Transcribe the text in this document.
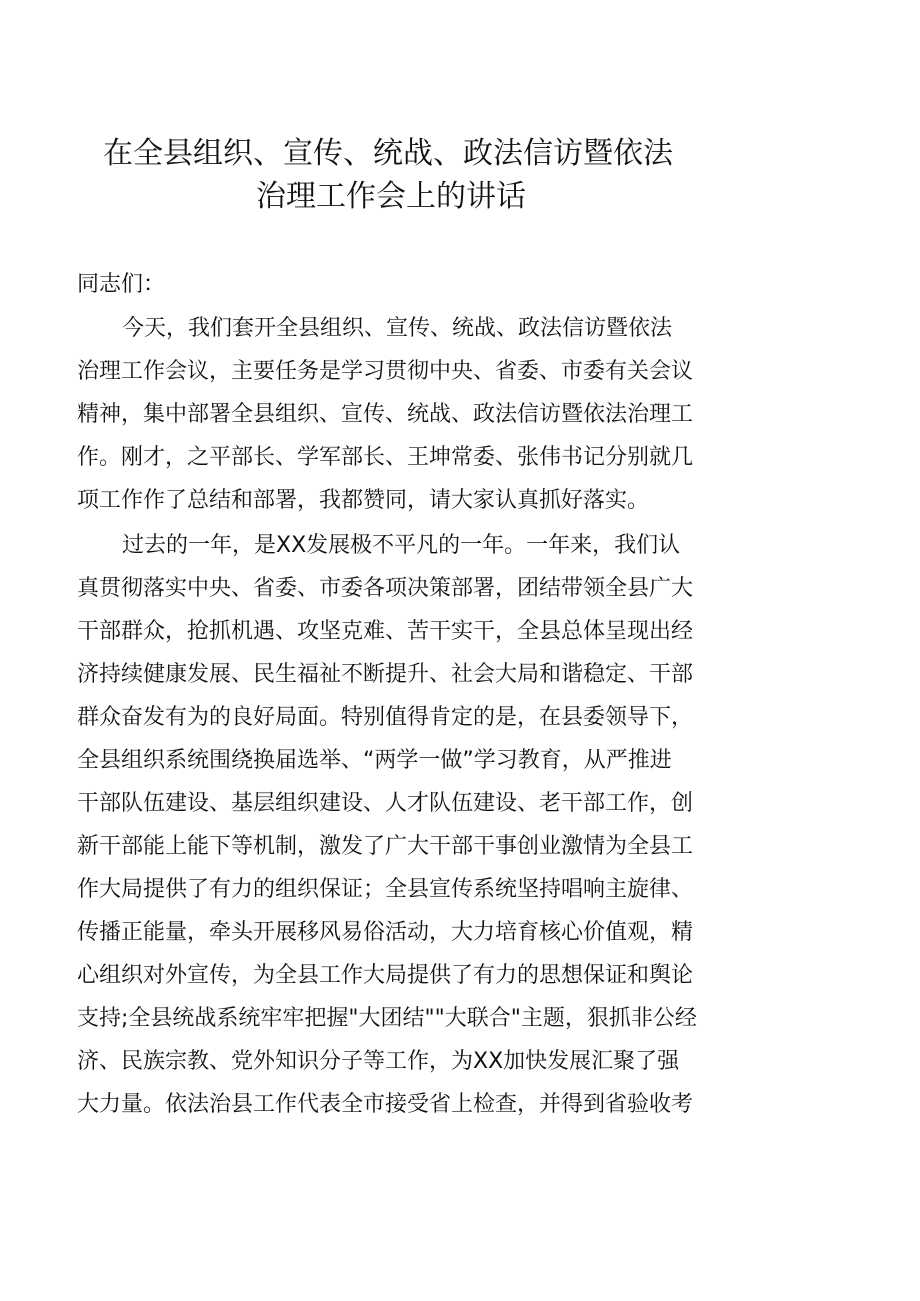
在全县组织、宣传、统战、政法信访暨依法
治理工作会上的讲话

同志们：

今天，我们套开全县组织、宣传、统战、政法信访暨依法

治理工作会议，主要任务是学习贯彻中央、省委、市委有关会议

精神，集中部署全县组织、宣传、统战、政法信访暨依法治理工

作。刚才，之平部长、学军部长、王坤常委、张伟书记分别就几

项工作作了总结和部署，我都赞同，请大家认真抓好落实。

过去的一年，是XX发展极不平凡的一年。一年来，我们认

真贯彻落实中央、省委、市委各项决策部署，团结带领全县广大

干部群众，抢抓机遇、攻坚克难、苦干实干，全县总体呈现出经

济持续健康发展、民生福祉不断提升、社会大局和谐稳定、干部

群众奋发有为的良好局面。特别值得肯定的是，在县委领导下，

全县组织系统围绕换届选举、“两学一做”学习教育，从严推进

干部队伍建设、基层组织建设、人才队伍建设、老干部工作，创

新干部能上能下等机制，激发了广大干部干事创业激情为全县工

作大局提供了有力的组织保证；全县宣传系统坚持唱响主旋律、

传播正能量，牵头开展移风易俗活动，大力培育核心价值观，精

心组织对外宣传，为全县工作大局提供了有力的思想保证和舆论

支持;全县统战系统牢牢把握"大团结""大联合"主题，狠抓非公经

济、民族宗教、党外知识分子等工作，为XX加快发展汇聚了强

大力量。依法治县工作代表全市接受省上检查，并得到省验收考
